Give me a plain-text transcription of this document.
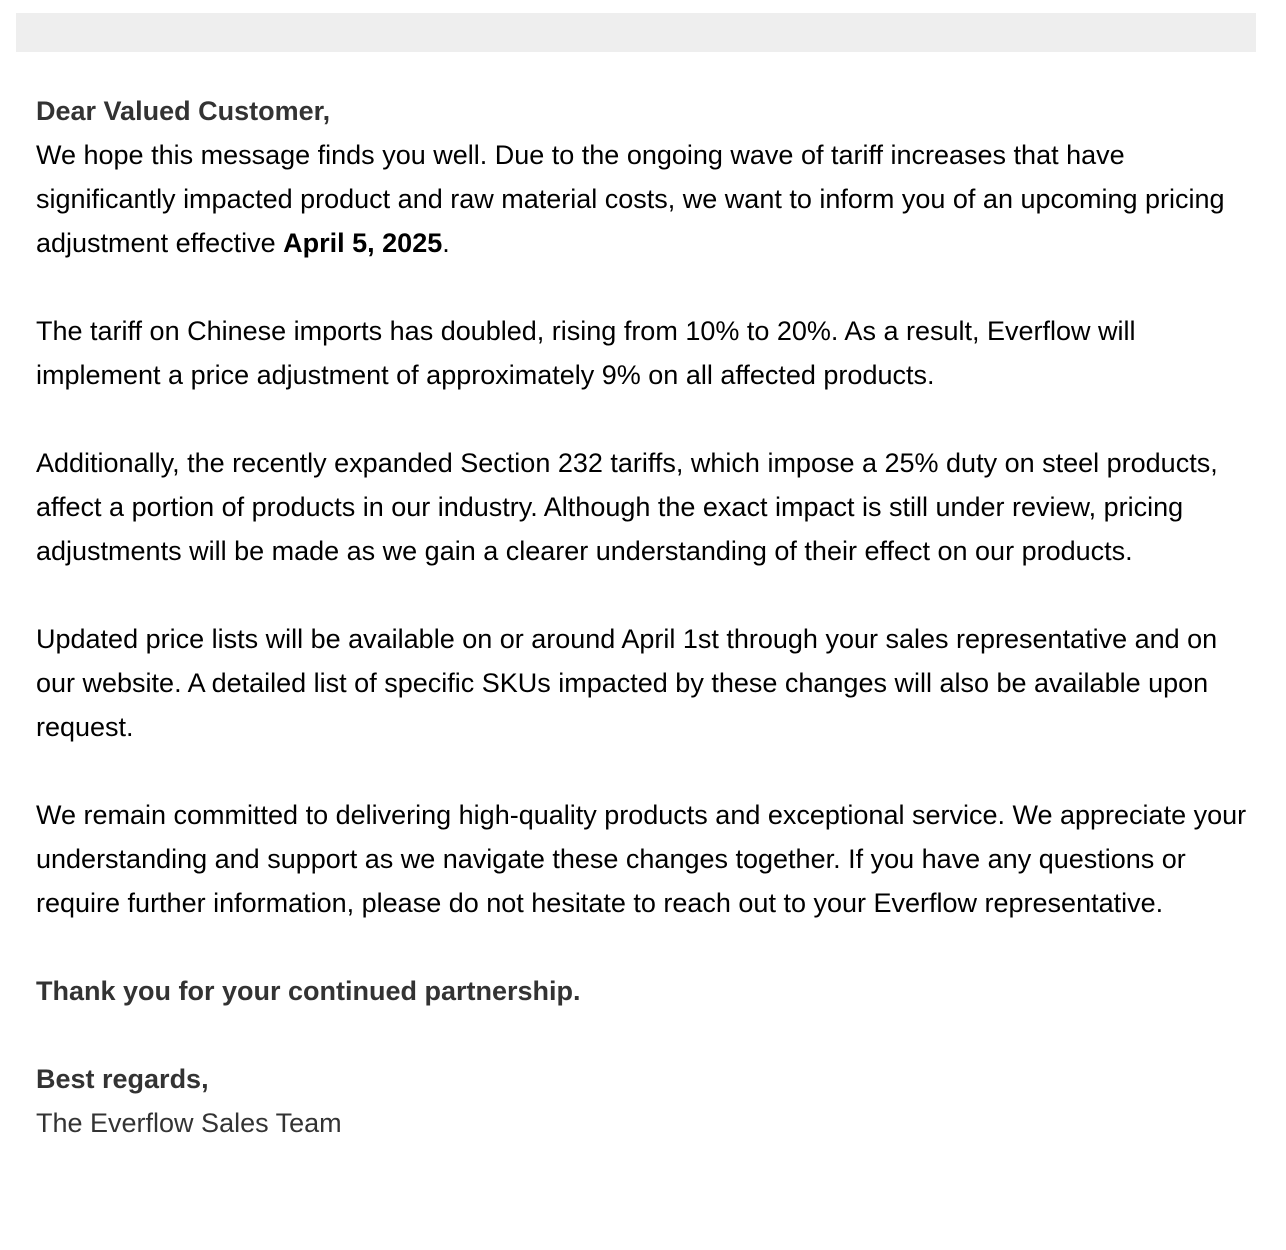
Dear Valued Customer,

We hope this message finds you well. Due to the ongoing wave of tariff increases that have significantly impacted product and raw material costs, we want to inform you of an upcoming pricing adjustment effective April 5, 2025.

The tariff on Chinese imports has doubled, rising from 10% to 20%. As a result, Everflow will implement a price adjustment of approximately 9% on all affected products.

Additionally, the recently expanded Section 232 tariffs, which impose a 25% duty on steel products, affect a portion of products in our industry. Although the exact impact is still under review, pricing adjustments will be made as we gain a clearer understanding of their effect on our products.

Updated price lists will be available on or around April 1st through your sales representative and on our website. A detailed list of specific SKUs impacted by these changes will also be available upon request.

We remain committed to delivering high-quality products and exceptional service. We appreciate your understanding and support as we navigate these changes together. If you have any questions or require further information, please do not hesitate to reach out to your Everflow representative.

Thank you for your continued partnership.

Best regards,

The Everflow Sales Team
